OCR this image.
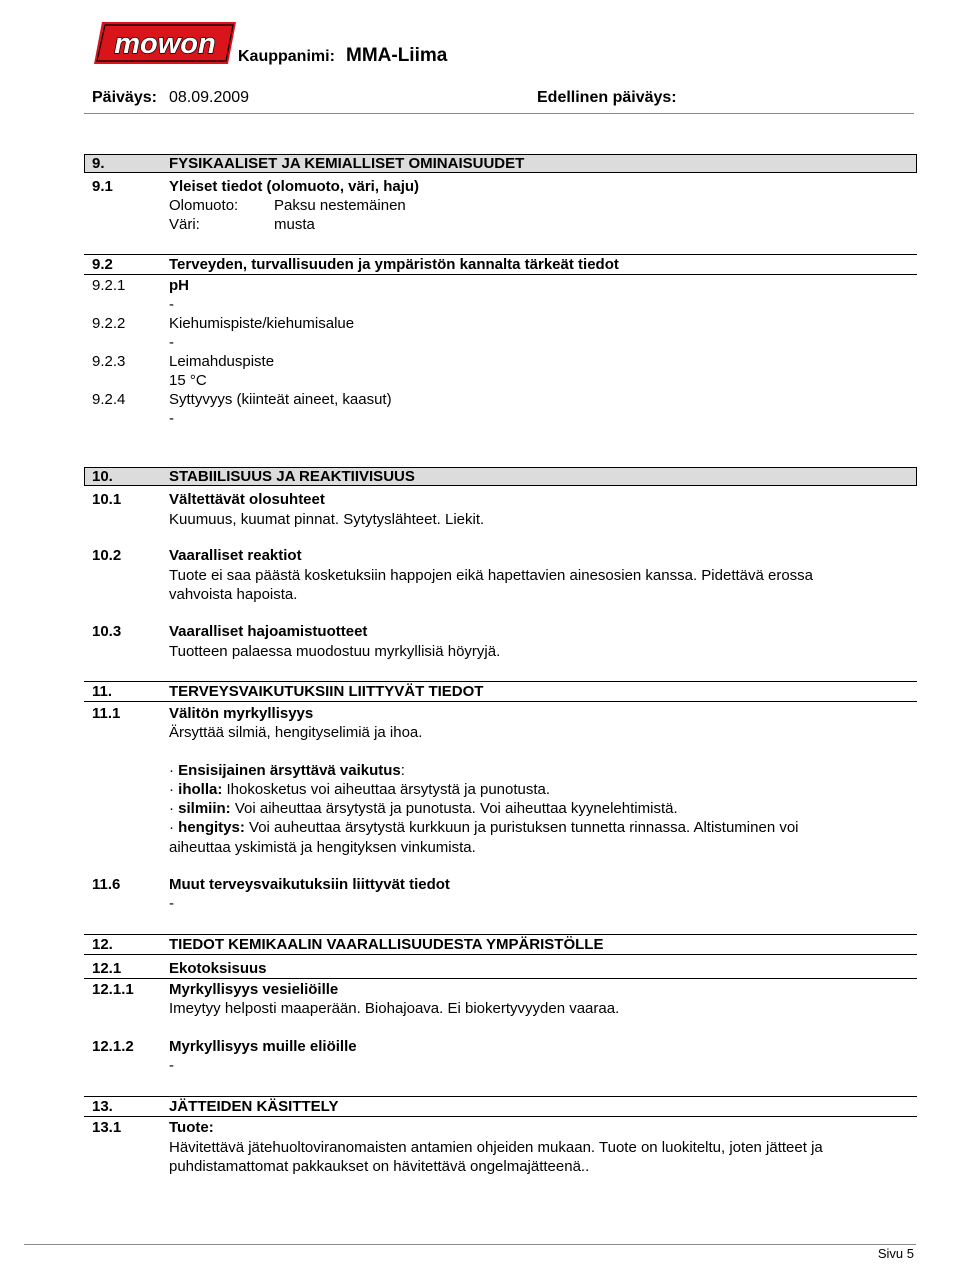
mowon Kauppanimi: MMA-Liima
Päiväys: 08.09.2009	Edellinen päiväys:
9.	FYSIKAALISET JA KEMIALLISET OMINAISUUDET
9.1	Yleiset tiedot (olomuoto, väri, haju)
Olomuoto: Paksu nestemäinen
Väri:	musta
9.2	Terveyden, turvallisuuden ja ympäristön kannalta tärkeät tiedot
9.2.1	pH
-
9.2.2	Kiehumispiste/kiehumisalue
-
9.2.3	Leimahduspiste
15 °C
9.2.4	Syttyvyys (kiinteät aineet, kaasut)
-
10.	STABIILISUUS JA REAKTIIVISUUS
10.1	Vältettävät olosuhteet
Kuumuus, kuumat pinnat. Sytytyslähteet. Liekit.
10.2	Vaaralliset reaktiot
Tuote ei saa päästä kosketuksiin happojen eikä hapettavien ainesosien kanssa. Pidettävä erossa
vahvoista hapoista.
10.3	Vaaralliset hajoamistuotteet
Tuotteen palaessa muodostuu myrkyllisiä höyryjä.
11.	TERVEYSVAIKUTUKSIIN LIITTYVÄT TIEDOT
11.1	Välitön myrkyllisyys
Ärsyttää silmiä, hengityselimiä ja ihoa.
· Ensisijainen ärsyttävä vaikutus:
· iholla: Ihokosketus voi aiheuttaa ärsytystä ja punotusta.
· silmiin: Voi aiheuttaa ärsytystä ja punotusta. Voi aiheuttaa kyynelehtimistä.
· hengitys: Voi auheuttaa ärsytystä kurkkuun ja puristuksen tunnetta rinnassa. Altistuminen voi
aiheuttaa yskimistä ja hengityksen vinkumista.
11.6	Muut terveysvaikutuksiin liittyvät tiedot
-
12.	TIEDOT KEMIKAALIN VAARALLISUUDESTA YMPÄRISTÖLLE
12.1	Ekotoksisuus
12.1.1 Myrkyllisyys vesieliöille
Imeytyy helposti maaperään. Biohajoava. Ei biokertyvyyden vaaraa.
12.1.2 Myrkyllisyys muille eliöille
-
13.	JÄTTEIDEN KÄSITTELY
13.1	Tuote:
Hävitettävä jätehuoltoviranomaisten antamien ohjeiden mukaan. Tuote on luokiteltu, joten jätteet ja
puhdistamattomat pakkaukset on hävitettävä ongelmajätteenä..
Sivu 5
